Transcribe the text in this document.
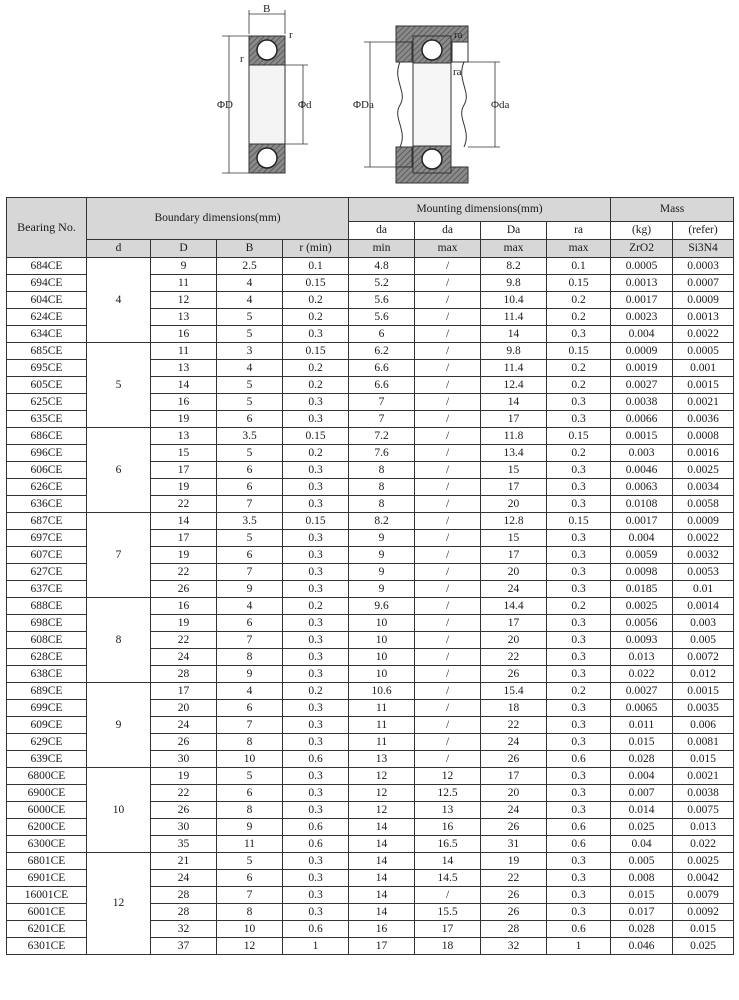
B
r
r
ΦD	Φd
ra
ra
ΦDa	Φda
Bearing No.	Boundary dimensions(mm)				Mounting dimensions(mm)				Mass	
					da	da	Da	ra	(kg)	(refer)
	d	D	B	r (min)	min	max	max	max	ZrO2	Si3N4
684CE	4	9	2.5	0.1	4.8	/	8.2	0.1	0.0005	0.0003
694CE		11	4	0.15	5.2	/	9.8	0.15	0.0013	0.0007
604CE		12	4	0.2	5.6	/	10.4	0.2	0.0017	0.0009
624CE		13	5	0.2	5.6	/	11.4	0.2	0.0023	0.0013
634CE		16	5	0.3	6	/	14	0.3	0.004	0.0022
685CE	5	11	3	0.15	6.2	/	9.8	0.15	0.0009	0.0005
695CE		13	4	0.2	6.6	/	11.4	0.2	0.0019	0.001
605CE		14	5	0.2	6.6	/	12.4	0.2	0.0027	0.0015
625CE		16	5	0.3	7	/	14	0.3	0.0038	0.0021
635CE		19	6	0.3	7	/	17	0.3	0.0066	0.0036
686CE	6	13	3.5	0.15	7.2	/	11.8	0.15	0.0015	0.0008
696CE		15	5	0.2	7.6	/	13.4	0.2	0.003	0.0016
606CE		17	6	0.3	8	/	15	0.3	0.0046	0.0025
626CE		19	6	0.3	8	/	17	0.3	0.0063	0.0034
636CE		22	7	0.3	8	/	20	0.3	0.0108	0.0058
687CE	7	14	3.5	0.15	8.2	/	12.8	0.15	0.0017	0.0009
697CE		17	5	0.3	9	/	15	0.3	0.004	0.0022
607CE		19	6	0.3	9	/	17	0.3	0.0059	0.0032
627CE		22	7	0.3	9	/	20	0.3	0.0098	0.0053
637CE		26	9	0.3	9	/	24	0.3	0.0185	0.01
688CE	8	16	4	0.2	9.6	/	14.4	0.2	0.0025	0.0014
698CE		19	6	0.3	10	/	17	0.3	0.0056	0.003
608CE		22	7	0.3	10	/	20	0.3	0.0093	0.005
628CE		24	8	0.3	10	/	22	0.3	0.013	0.0072
638CE		28	9	0.3	10	/	26	0.3	0.022	0.012
689CE	9	17	4	0.2	10.6	/	15.4	0.2	0.0027	0.0015
699CE		20	6	0.3	11	/	18	0.3	0.0065	0.0035
609CE		24	7	0.3	11	/	22	0.3	0.011	0.006
629CE		26	8	0.3	11	/	24	0.3	0.015	0.0081
639CE		30	10	0.6	13	/	26	0.6	0.028	0.015
6800CE	10	19	5	0.3	12	12	17	0.3	0.004	0.0021
6900CE		22	6	0.3	12	12.5	20	0.3	0.007	0.0038
6000CE		26	8	0.3	12	13	24	0.3	0.014	0.0075
6200CE		30	9	0.6	14	16	26	0.6	0.025	0.013
6300CE		35	11	0.6	14	16.5	31	0.6	0.04	0.022
6801CE	12	21	5	0.3	14	14	19	0.3	0.005	0.0025
6901CE		24	6	0.3	14	14.5	22	0.3	0.008	0.0042
16001CE		28	7	0.3	14	/	26	0.3	0.015	0.0079
6001CE		28	8	0.3	14	15.5	26	0.3	0.017	0.0092
6201CE		32	10	0.6	16	17	28	0.6	0.028	0.015
6301CE		37	12	1	17	18	32	1	0.046	0.025
